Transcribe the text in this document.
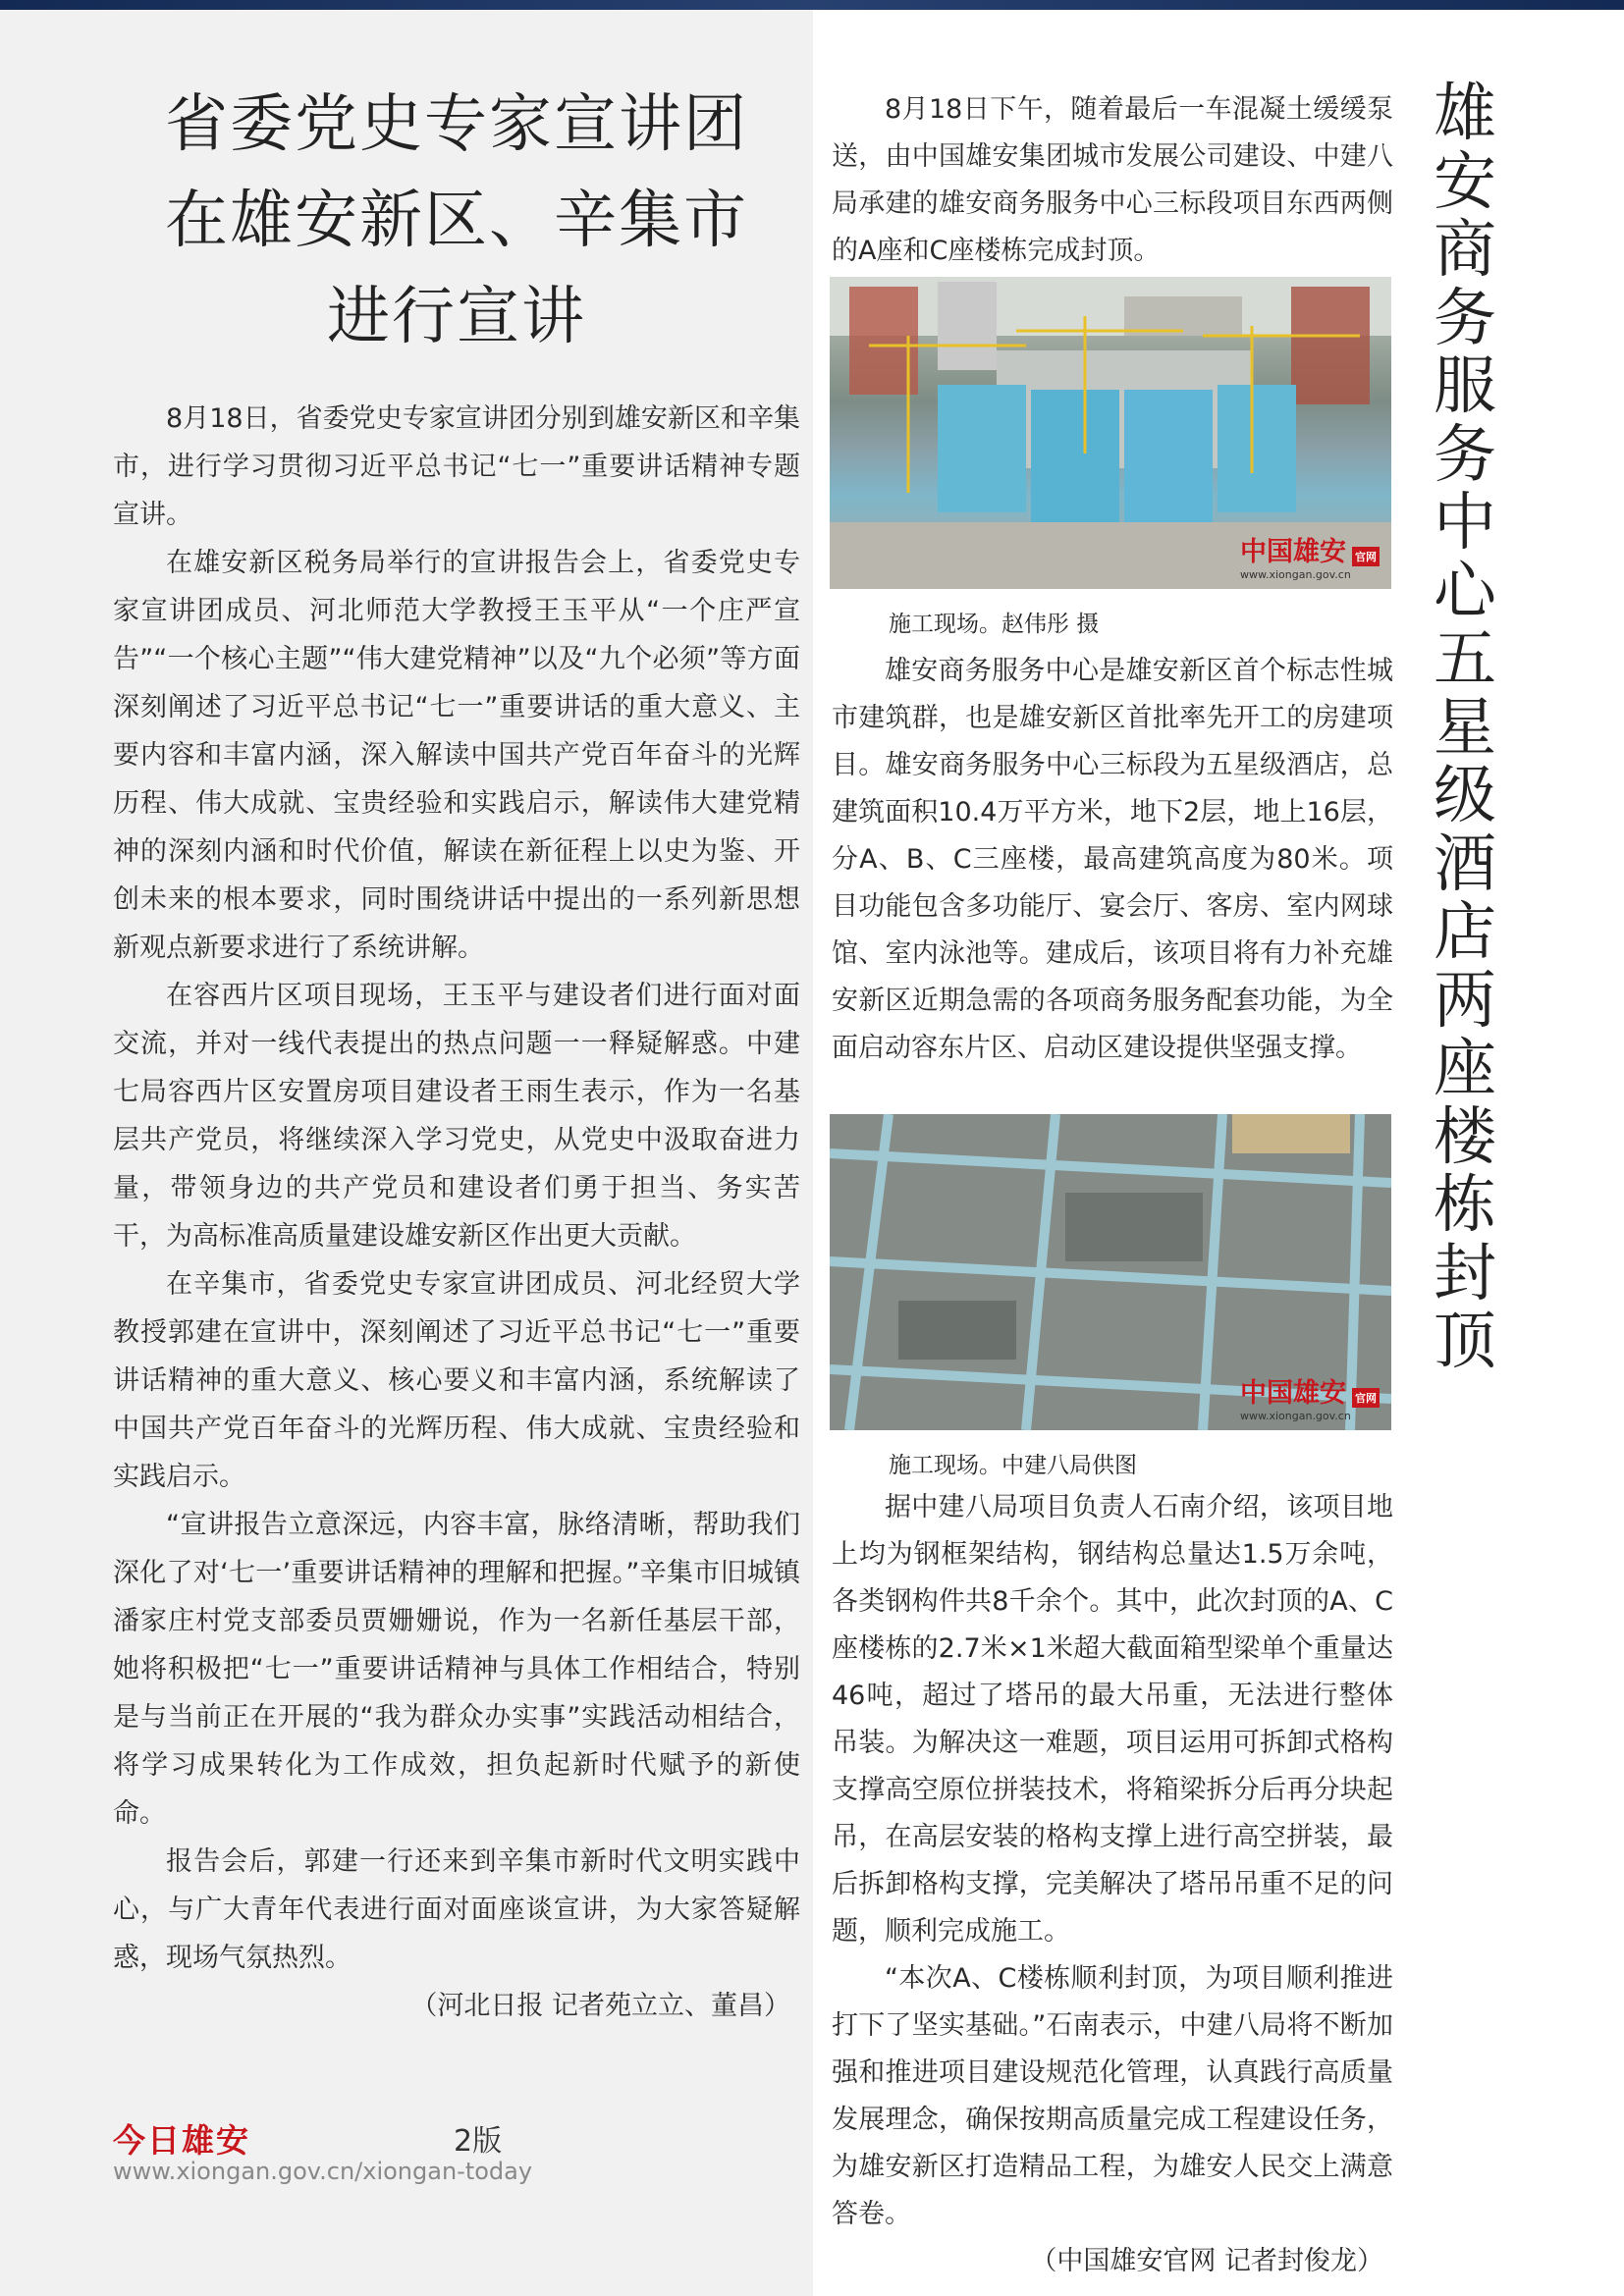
省委党史专家宣讲团
在雄安新区、辛集市
进行宣讲
8月18日，省委党史专家宣讲团分别到雄安新区和辛集市，进行学习贯彻习近平总书记“七一”重要讲话精神专题宣讲。
在雄安新区税务局举行的宣讲报告会上，省委党史专家宣讲团成员、河北师范大学教授王玉平从“一个庄严宣告”“一个核心主题”“伟大建党精神”以及“九个必须”等方面深刻阐述了习近平总书记“七一”重要讲话的重大意义、主要内容和丰富内涵，深入解读中国共产党百年奋斗的光辉历程、伟大成就、宝贵经验和实践启示，解读伟大建党精神的深刻内涵和时代价值，解读在新征程上以史为鉴、开创未来的根本要求，同时围绕讲话中提出的一系列新思想新观点新要求进行了系统讲解。
在容西片区项目现场，王玉平与建设者们进行面对面交流，并对一线代表提出的热点问题一一释疑解惑。中建七局容西片区安置房项目建设者王雨生表示，作为一名基层共产党员，将继续深入学习党史，从党史中汲取奋进力量，带领身边的共产党员和建设者们勇于担当、务实苦干，为高标准高质量建设雄安新区作出更大贡献。
在辛集市，省委党史专家宣讲团成员、河北经贸大学教授郭建在宣讲中，深刻阐述了习近平总书记“七一”重要讲话精神的重大意义、核心要义和丰富内涵，系统解读了中国共产党百年奋斗的光辉历程、伟大成就、宝贵经验和实践启示。
“宣讲报告立意深远，内容丰富，脉络清晰，帮助我们深化了对‘七一’重要讲话精神的理解和把握。”辛集市旧城镇潘家庄村党支部委员贾姗姗说，作为一名新任基层干部，她将积极把“七一”重要讲话精神与具体工作相结合，特别是与当前正在开展的“我为群众办实事”实践活动相结合，将学习成果转化为工作成效，担负起新时代赋予的新使命。
报告会后，郭建一行还来到辛集市新时代文明实践中心，与广大青年代表进行面对面座谈宣讲，为大家答疑解惑，现场气氛热烈。
（河北日报 记者苑立立、董昌）
今日雄安	2版
www.xiongan.gov.cn/xiongan-today
8月18日下午，随着最后一车混凝土缓缓泵送，由中国雄安集团城市发展公司建设、中建八局承建的雄安商务服务中心三标段项目东西两侧的A座和C座楼栋完成封顶。
中国雄安 官网
www.xiongan.gov.cn
施工现场。赵伟彤 摄
雄安商务服务中心是雄安新区首个标志性城市建筑群，也是雄安新区首批率先开工的房建项目。雄安商务服务中心三标段为五星级酒店，总建筑面积10.4万平方米，地下2层，地上16层，分A、B、C三座楼，最高建筑高度为80米。项目功能包含多功能厅、宴会厅、客房、室内网球馆、室内泳池等。建成后，该项目将有力补充雄安新区近期急需的各项商务服务配套功能，为全面启动容东片区、启动区建设提供坚强支撑。
中国雄安 官网
www.xiongan.gov.cn
施工现场。中建八局供图
据中建八局项目负责人石南介绍，该项目地上均为钢框架结构，钢结构总量达1.5万余吨，各类钢构件共8千余个。其中，此次封顶的A、C座楼栋的2.7米×1米超大截面箱型梁单个重量达46吨，超过了塔吊的最大吊重，无法进行整体吊装。为解决这一难题，项目运用可拆卸式格构支撑高空原位拼装技术，将箱梁拆分后再分块起吊，在高层安装的格构支撑上进行高空拼装，最后拆卸格构支撑，完美解决了塔吊吊重不足的问题，顺利完成施工。
“本次A、C楼栋顺利封顶，为项目顺利推进打下了坚实基础。”石南表示，中建八局将不断加强和推进项目建设规范化管理，认真践行高质量发展理念，确保按期高质量完成工程建设任务，为雄安新区打造精品工程，为雄安人民交上满意答卷。
（中国雄安官网 记者封俊龙）
雄
安
商
务
服
务
中
心
五
星
级
酒
店
两
座
楼
栋
封
顶
